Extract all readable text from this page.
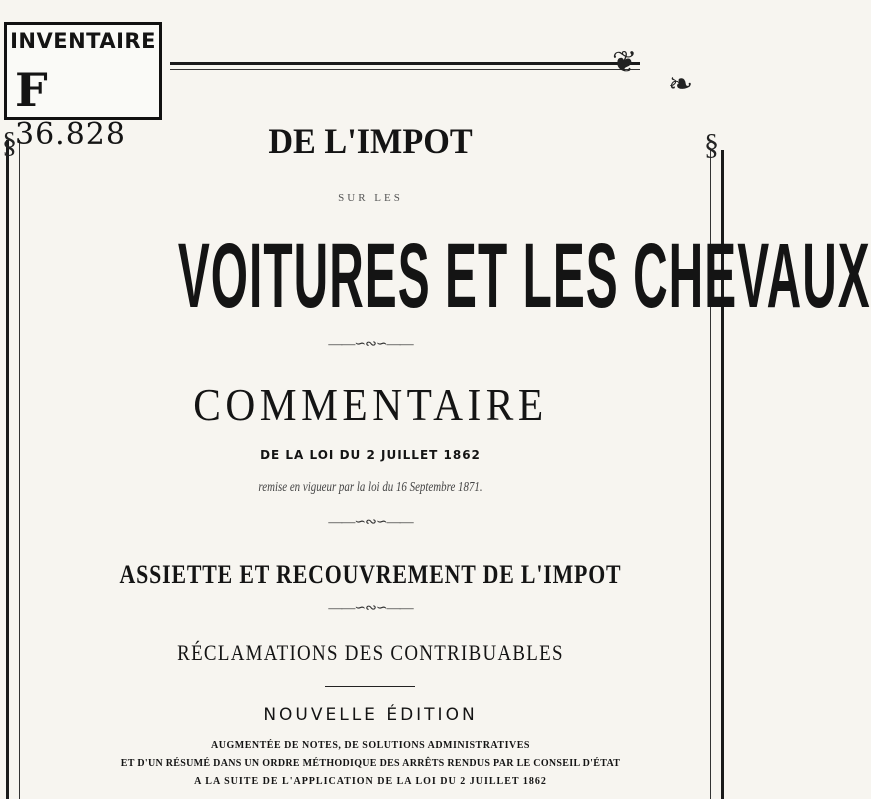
§
❦
❧
§
INVENTAIRE
F 36.828	DE L'IMPOT
SUR LES
VOITURES ET LES CHEVAUX
——∽∾∽——
COMMENTAIRE
DE LA LOI DU 2 JUILLET 1862
remise en vigueur par la loi du 16 Septembre 1871.
——∽∾∽——
ASSIETTE ET RECOUVREMENT DE L'IMPOT
——∽∾∽——
RÉCLAMATIONS DES CONTRIBUABLES
NOUVELLE ÉDITION
AUGMENTÉE DE NOTES, DE SOLUTIONS ADMINISTRATIVES
ET D'UN RÉSUMÉ DANS UN ORDRE MÉTHODIQUE DES ARRÊTS RENDUS PAR LE CONSEIL D'ÉTAT
A LA SUITE DE L'APPLICATION DE LA LOI DU 2 JUILLET 1862
